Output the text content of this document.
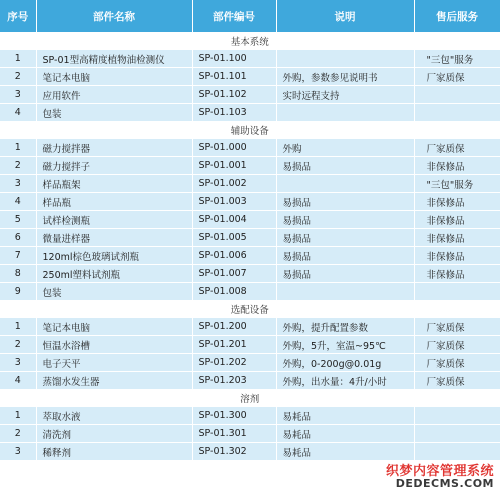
序号	部件名称	部件编号	说明	售后服务
基本系统				
1	SP-01型高精度植物油检测仪	SP-01.100		"三包"服务
2	笔记本电脑	SP-01.101	外购，参数参见说明书	厂家质保
3	应用软件	SP-01.102	实时远程支持	
4	包装	SP-01.103		
辅助设备				
1	磁力搅拌器	SP-01.000	外购	厂家质保
2	磁力搅拌子	SP-01.001	易损品	非保修品
3	样品瓶架	SP-01.002		"三包"服务
4	样品瓶	SP-01.003	易损品	非保修品
5	试样检测瓶	SP-01.004	易损品	非保修品
6	微量进样器	SP-01.005	易损品	非保修品
7	120ml棕色玻璃试剂瓶	SP-01.006	易损品	非保修品
8	250ml塑料试剂瓶	SP-01.007	易损品	非保修品
9	包装	SP-01.008		
选配设备				
1	笔记本电脑	SP-01.200	外购，提升配置参数	厂家质保
2	恒温水浴槽	SP-01.201	外购，5升，室温~95℃	厂家质保
3	电子天平	SP-01.202	外购，0-200g@0.01g	厂家质保
4	蒸馏水发生器	SP-01.203	外购，出水量：4升/小时	厂家质保
溶剂				
1	萃取水液	SP-01.300	易耗品	
2	清洗剂	SP-01.301	易耗品	
3	稀释剂	SP-01.302	易耗品	
织梦内容管理系统
DEDECMS.COM
